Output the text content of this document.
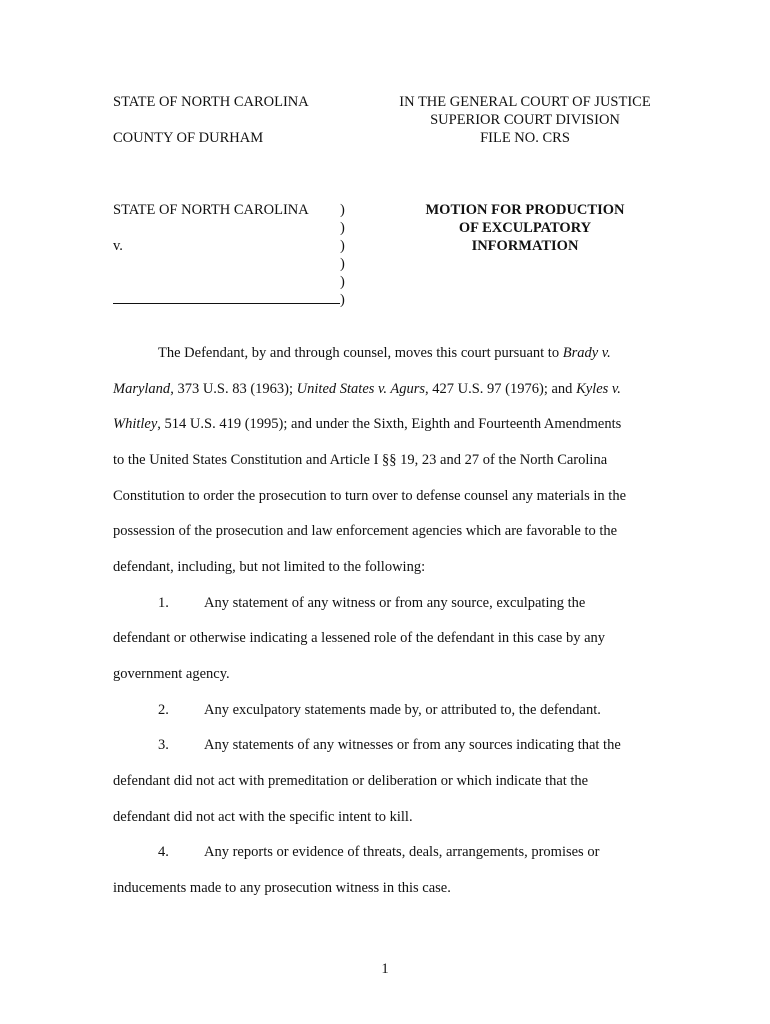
STATE OF NORTH CAROLINA
COUNTY OF DURHAM
IN THE GENERAL COURT OF JUSTICE
SUPERIOR COURT DIVISION
FILE NO. CRS
STATE OF NORTH CAROLINA
v.
)
)
)
)
)
)
MOTION FOR PRODUCTION
OF EXCULPATORY
INFORMATION
The Defendant, by and through counsel, moves this court pursuant to Brady v.
Maryland, 373 U.S. 83 (1963); United States v. Agurs, 427 U.S. 97 (1976); and Kyles v.
Whitley, 514 U.S. 419 (1995); and under the Sixth, Eighth and Fourteenth Amendments
to the United States Constitution and Article I §§ 19, 23 and 27 of the North Carolina
Constitution to order the prosecution to turn over to defense counsel any materials in the
possession of the prosecution and law enforcement agencies which are favorable to the
defendant, including, but not limited to the following:
1. Any statement of any witness or from any source, exculpating the
defendant or otherwise indicating a lessened role of the defendant in this case by any
government agency.
2. Any exculpatory statements made by, or attributed to, the defendant.
3. Any statements of any witnesses or from any sources indicating that the
defendant did not act with premeditation or deliberation or which indicate that the
defendant did not act with the specific intent to kill.
4. Any reports or evidence of threats, deals, arrangements, promises or
inducements made to any prosecution witness in this case.
1
